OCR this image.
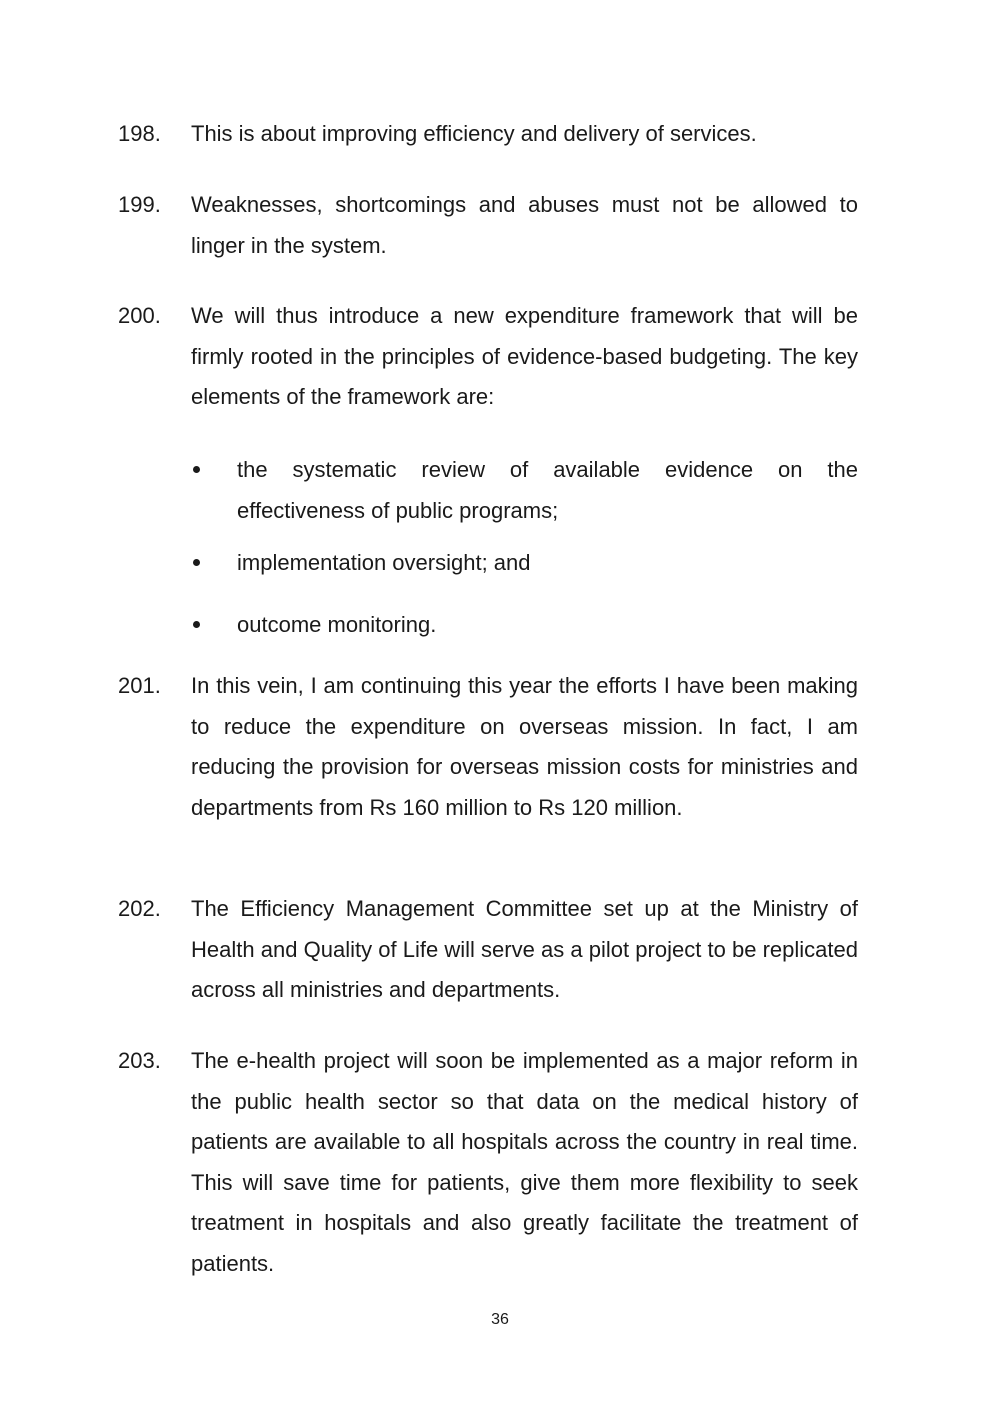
198. This is about improving efficiency and delivery of services.
199. Weaknesses, shortcomings and abuses must not be allowed to linger in the system.
200. We will thus introduce a new expenditure framework that will be firmly rooted in the principles of evidence-based budgeting. The key elements of the framework are:
the systematic review of available evidence on the effectiveness of public programs;
implementation oversight; and
outcome monitoring.
201. In this vein, I am continuing this year the efforts I have been making to reduce the expenditure on overseas mission. In fact, I am reducing the provision for overseas mission costs for ministries and departments from Rs 160 million to Rs 120 million.
202. The Efficiency Management Committee set up at the Ministry of Health and Quality of Life will serve as a pilot project to be replicated across all ministries and departments.
203. The e-health project will soon be implemented as a major reform in the public health sector so that data on the medical history of patients are available to all hospitals across the country in real time. This will save time for patients, give them more flexibility to seek treatment in hospitals and also greatly facilitate the treatment of patients.
36
